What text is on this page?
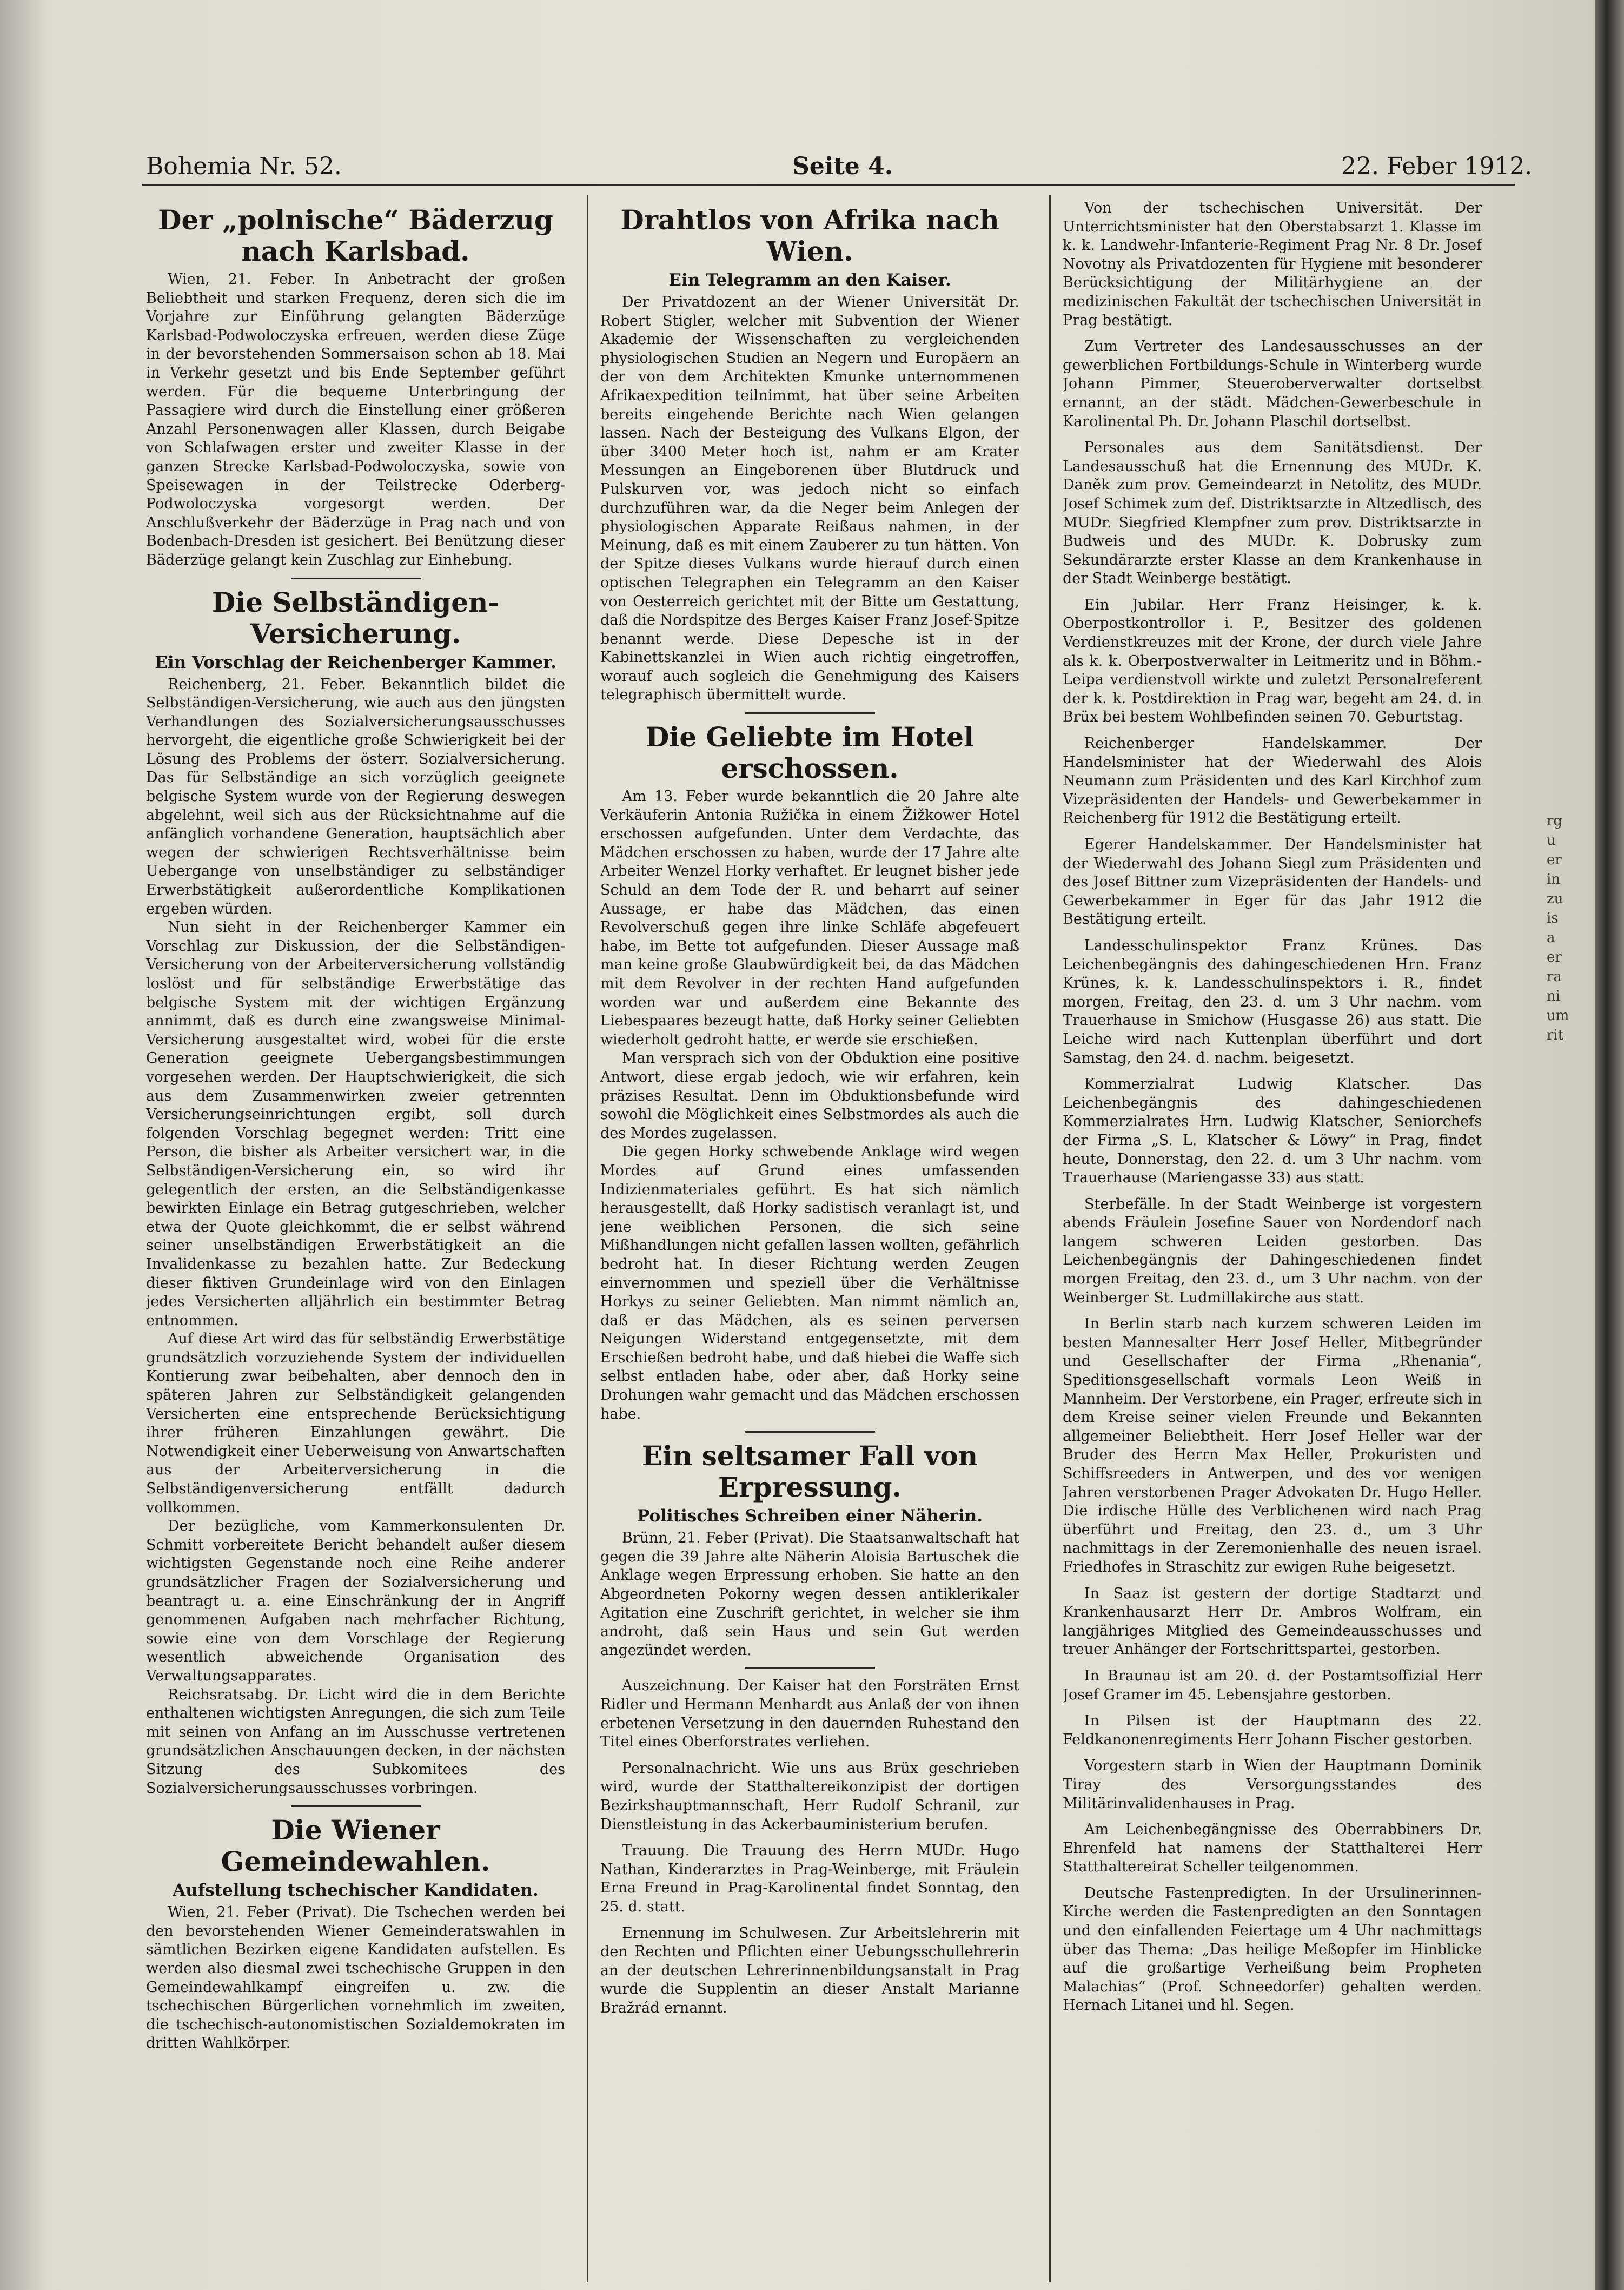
Bohemia Nr. 52.	Seite 4.	22. Feber 1912.
Der „polnische“ Bäderzug nach Karlsbad.

Wien, 21. Feber. In Anbetracht der großen Beliebtheit und starken Frequenz, deren sich die im Vorjahre zur Einführung gelangten Bäderzüge Karlsbad-Podwoloczyska erfreuen, werden diese Züge in der bevorstehenden Sommersaison schon ab 18. Mai in Verkehr gesetzt und bis Ende September geführt werden. Für die bequeme Unterbringung der Passagiere wird durch die Einstellung einer größeren Anzahl Personenwagen aller Klassen, durch Beigabe von Schlafwagen erster und zweiter Klasse in der ganzen Strecke Karlsbad-Podwoloczyska, sowie von Speisewagen in der Teilstrecke Oderberg-Podwoloczyska vorgesorgt werden. Der Anschlußverkehr der Bäderzüge in Prag nach und von Bodenbach-Dresden ist gesichert. Bei Benützung dieser Bäderzüge gelangt kein Zuschlag zur Einhebung.

Die Selbständigen-Versicherung.
Ein Vorschlag der Reichenberger Kammer.

Reichenberg, 21. Feber. Bekanntlich bildet die Selbständigen-Versicherung, wie auch aus den jüngsten Verhandlungen des Sozialversicherungsausschusses hervorgeht, die eigentliche große Schwierigkeit bei der Lösung des Problems der österr. Sozialversicherung. Das für Selbständige an sich vorzüglich geeignete belgische System wurde von der Regierung deswegen abgelehnt, weil sich aus der Rücksichtnahme auf die anfänglich vorhandene Generation, hauptsächlich aber wegen der schwierigen Rechtsverhältnisse beim Uebergange von unselbständiger zu selbständiger Erwerbstätigkeit außerordentliche Komplikationen ergeben würden.

Nun sieht in der Reichenberger Kammer ein Vorschlag zur Diskussion, der die Selbständigen-Versicherung von der Arbeiterversicherung vollständig loslöst und für selbständige Erwerbstätige das belgische System mit der wichtigen Ergänzung annimmt, daß es durch eine zwangsweise Minimal-Versicherung ausgestaltet wird, wobei für die erste Generation geeignete Uebergangsbestimmungen vorgesehen werden. Der Hauptschwierigkeit, die sich aus dem Zusammenwirken zweier getrennten Versicherungseinrichtungen ergibt, soll durch folgenden Vorschlag begegnet werden: Tritt eine Person, die bisher als Arbeiter versichert war, in die Selbständigen-Versicherung ein, so wird ihr gelegentlich der ersten, an die Selbständigenkasse bewirkten Einlage ein Betrag gutgeschrieben, welcher etwa der Quote gleichkommt, die er selbst während seiner unselbständigen Erwerbstätigkeit an die Invalidenkasse zu bezahlen hatte. Zur Bedeckung dieser fiktiven Grundeinlage wird von den Einlagen jedes Versicherten alljährlich ein bestimmter Betrag entnommen.

Auf diese Art wird das für selbständig Erwerbstätige grundsätzlich vorzuziehende System der individuellen Kontierung zwar beibehalten, aber dennoch den in späteren Jahren zur Selbständigkeit gelangenden Versicherten eine entsprechende Berücksichtigung ihrer früheren Einzahlungen gewährt. Die Notwendigkeit einer Ueberweisung von Anwartschaften aus der Arbeiterversicherung in die Selbständigenversicherung entfällt dadurch vollkommen.

Der bezügliche, vom Kammerkonsulenten Dr. Schmitt vorbereitete Bericht behandelt außer diesem wichtigsten Gegenstande noch eine Reihe anderer grundsätzlicher Fragen der Sozialversicherung und beantragt u. a. eine Einschränkung der in Angriff genommenen Aufgaben nach mehrfacher Richtung, sowie eine von dem Vorschlage der Regierung wesentlich abweichende Organisation des Verwaltungsapparates.

Reichsratsabg. Dr. Licht wird die in dem Berichte enthaltenen wichtigsten Anregungen, die sich zum Teile mit seinen von Anfang an im Ausschusse vertretenen grundsätzlichen Anschauungen decken, in der nächsten Sitzung des Subkomitees des Sozialversicherungsausschusses vorbringen.

Die Wiener Gemeindewahlen.
Aufstellung tschechischer Kandidaten.

Wien, 21. Feber (Privat). Die Tschechen werden bei den bevorstehenden Wiener Gemeinderatswahlen in sämtlichen Bezirken eigene Kandidaten aufstellen. Es werden also diesmal zwei tschechische Gruppen in den Gemeindewahlkampf eingreifen u. zw. die tschechischen Bürgerlichen vornehmlich im zweiten, die tschechisch-autonomistischen Sozialdemokraten im dritten Wahlkörper.

Drahtlos von Afrika nach Wien.
Ein Telegramm an den Kaiser.

Der Privatdozent an der Wiener Universität Dr. Robert Stigler, welcher mit Subvention der Wiener Akademie der Wissenschaften zu vergleichenden physiologischen Studien an Negern und Europäern an der von dem Architekten Kmunke unternommenen Afrikaexpedition teilnimmt, hat über seine Arbeiten bereits eingehende Berichte nach Wien gelangen lassen. Nach der Besteigung des Vulkans Elgon, der über 3400 Meter hoch ist, nahm er am Krater Messungen an Eingeborenen über Blutdruck und Pulskurven vor, was jedoch nicht so einfach durchzuführen war, da die Neger beim Anlegen der physiologischen Apparate Reißaus nahmen, in der Meinung, daß es mit einem Zauberer zu tun hätten. Von der Spitze dieses Vulkans wurde hierauf durch einen optischen Telegraphen ein Telegramm an den Kaiser von Oesterreich gerichtet mit der Bitte um Gestattung, daß die Nordspitze des Berges Kaiser Franz Josef-Spitze benannt werde. Diese Depesche ist in der Kabinettskanzlei in Wien auch richtig eingetroffen, worauf auch sogleich die Genehmigung des Kaisers telegraphisch übermittelt wurde.

Die Geliebte im Hotel erschossen.

Am 13. Feber wurde bekanntlich die 20 Jahre alte Verkäuferin Antonia Ružička in einem Žižkower Hotel erschossen aufgefunden. Unter dem Verdachte, das Mädchen erschossen zu haben, wurde der 17 Jahre alte Arbeiter Wenzel Horky verhaftet. Er leugnet bisher jede Schuld an dem Tode der R. und beharrt auf seiner Aussage, er habe das Mädchen, das einen Revolverschuß gegen ihre linke Schläfe abgefeuert habe, im Bette tot aufgefunden. Dieser Aussage maß man keine große Glaubwürdigkeit bei, da das Mädchen mit dem Revolver in der rechten Hand aufgefunden worden war und außerdem eine Bekannte des Liebespaares bezeugt hatte, daß Horky seiner Geliebten wiederholt gedroht hatte, er werde sie erschießen.

Man versprach sich von der Obduktion eine positive Antwort, diese ergab jedoch, wie wir erfahren, kein präzises Resultat. Denn im Obduktionsbefunde wird sowohl die Möglichkeit eines Selbstmordes als auch die des Mordes zugelassen.

Die gegen Horky schwebende Anklage wird wegen Mordes auf Grund eines umfassenden Indizienmateriales geführt. Es hat sich nämlich herausgestellt, daß Horky sadistisch veranlagt ist, und jene weiblichen Personen, die sich seine Mißhandlungen nicht gefallen lassen wollten, gefährlich bedroht hat. In dieser Richtung werden Zeugen einvernommen und speziell über die Verhältnisse Horkys zu seiner Geliebten. Man nimmt nämlich an, daß er das Mädchen, als es seinen perversen Neigungen Widerstand entgegensetzte, mit dem Erschießen bedroht habe, und daß hiebei die Waffe sich selbst entladen habe, oder aber, daß Horky seine Drohungen wahr gemacht und das Mädchen erschossen habe.

Ein seltsamer Fall von Erpressung.
Politisches Schreiben einer Näherin.

Brünn, 21. Feber (Privat). Die Staatsanwaltschaft hat gegen die 39 Jahre alte Näherin Aloisia Bartuschek die Anklage wegen Erpressung erhoben. Sie hatte an den Abgeordneten Pokorny wegen dessen antiklerikaler Agitation eine Zuschrift gerichtet, in welcher sie ihm androht, daß sein Haus und sein Gut werden angezündet werden.

Auszeichnung. Der Kaiser hat den Forsträten Ernst Ridler und Hermann Menhardt aus Anlaß der von ihnen erbetenen Versetzung in den dauernden Ruhestand den Titel eines Oberforstrates verliehen.

Personalnachricht. Wie uns aus Brüx geschrieben wird, wurde der Statthaltereikonzipist der dortigen Bezirkshauptmannschaft, Herr Rudolf Schranil, zur Dienstleistung in das Ackerbauministerium berufen.

Trauung. Die Trauung des Herrn MUDr. Hugo Nathan, Kinderarztes in Prag-Weinberge, mit Fräulein Erna Freund in Prag-Karolinental findet Sonntag, den 25. d. statt.

Ernennung im Schulwesen. Zur Arbeitslehrerin mit den Rechten und Pflichten einer Uebungsschullehrerin an der deutschen Lehrerinnenbildungsanstalt in Prag wurde die Supplentin an dieser Anstalt Marianne Bražrád ernannt.

Von der tschechischen Universität. Der Unterrichtsminister hat den Oberstabsarzt 1. Klasse im k. k. Landwehr-Infanterie-Regiment Prag Nr. 8 Dr. Josef Novotny als Privatdozenten für Hygiene mit besonderer Berücksichtigung der Militärhygiene an der medizinischen Fakultät der tschechischen Universität in Prag bestätigt.

Zum Vertreter des Landesausschusses an der gewerblichen Fortbildungs-Schule in Winterberg wurde Johann Pimmer, Steueroberverwalter dortselbst ernannt, an der städt. Mädchen-Gewerbeschule in Karolinental Ph. Dr. Johann Plaschil dortselbst.

Personales aus dem Sanitätsdienst. Der Landesausschuß hat die Ernennung des MUDr. K. Daněk zum prov. Gemeindearzt in Netolitz, des MUDr. Josef Schimek zum def. Distriktsarzte in Altzedlisch, des MUDr. Siegfried Klempfner zum prov. Distriktsarzte in Budweis und des MUDr. K. Dobrusky zum Sekundärarzte erster Klasse an dem Krankenhause in der Stadt Weinberge bestätigt.

Ein Jubilar. Herr Franz Heisinger, k. k. Oberpostkontrollor i. P., Besitzer des goldenen Verdienstkreuzes mit der Krone, der durch viele Jahre als k. k. Oberpostverwalter in Leitmeritz und in Böhm.-Leipa verdienstvoll wirkte und zuletzt Personalreferent der k. k. Postdirektion in Prag war, begeht am 24. d. in Brüx bei bestem Wohlbefinden seinen 70. Geburtstag.

Reichenberger Handelskammer. Der Handelsminister hat der Wiederwahl des Alois Neumann zum Präsidenten und des Karl Kirchhof zum Vizepräsidenten der Handels- und Gewerbekammer in Reichenberg für 1912 die Bestätigung erteilt.

Egerer Handelskammer. Der Handelsminister hat der Wiederwahl des Johann Siegl zum Präsidenten und des Josef Bittner zum Vizepräsidenten der Handels- und Gewerbekammer in Eger für das Jahr 1912 die Bestätigung erteilt.

Landesschulinspektor Franz Krünes. Das Leichenbegängnis des dahingeschiedenen Hrn. Franz Krünes, k. k. Landesschulinspektors i. R., findet morgen, Freitag, den 23. d. um 3 Uhr nachm. vom Trauerhause in Smichow (Husgasse 26) aus statt. Die Leiche wird nach Kuttenplan überführt und dort Samstag, den 24. d. nachm. beigesetzt.

Kommerzialrat Ludwig Klatscher. Das Leichenbegängnis des dahingeschiedenen Kommerzialrates Hrn. Ludwig Klatscher, Seniorchefs der Firma „S. L. Klatscher & Löwy“ in Prag, findet heute, Donnerstag, den 22. d. um 3 Uhr nachm. vom Trauerhause (Mariengasse 33) aus statt.

Sterbefälle. In der Stadt Weinberge ist vorgestern abends Fräulein Josefine Sauer von Nordendorf nach langem schweren Leiden gestorben. Das Leichenbegängnis der Dahingeschiedenen findet morgen Freitag, den 23. d., um 3 Uhr nachm. von der Weinberger St. Ludmillakirche aus statt.

In Berlin starb nach kurzem schweren Leiden im besten Mannesalter Herr Josef Heller, Mitbegründer und Gesellschafter der Firma „Rhenania“, Speditionsgesellschaft vormals Leon Weiß in Mannheim. Der Verstorbene, ein Prager, erfreute sich in dem Kreise seiner vielen Freunde und Bekannten allgemeiner Beliebtheit. Herr Josef Heller war der Bruder des Herrn Max Heller, Prokuristen und Schiffsreeders in Antwerpen, und des vor wenigen Jahren verstorbenen Prager Advokaten Dr. Hugo Heller. Die irdische Hülle des Verblichenen wird nach Prag überführt und Freitag, den 23. d., um 3 Uhr nachmittags in der Zeremonienhalle des neuen israel. Friedhofes in Straschitz zur ewigen Ruhe beigesetzt.

In Saaz ist gestern der dortige Stadtarzt und Krankenhausarzt Herr Dr. Ambros Wolfram, ein langjähriges Mitglied des Gemeindeausschusses und treuer Anhänger der Fortschrittspartei, gestorben.

In Braunau ist am 20. d. der Postamtsoffizial Herr Josef Gramer im 45. Lebensjahre gestorben.

In Pilsen ist der Hauptmann des 22. Feldkanonenregiments Herr Johann Fischer gestorben.

Vorgestern starb in Wien der Hauptmann Dominik Tiray des Versorgungsstandes des Militärinvalidenhauses in Prag.

Am Leichenbegängnisse des Oberrabbiners Dr. Ehrenfeld hat namens der Statthalterei Herr Statthaltereirat Scheller teilgenommen.

Deutsche Fastenpredigten. In der Ursulinerinnen-Kirche werden die Fastenpredigten an den Sonntagen und den einfallenden Feiertage um 4 Uhr nachmittags über das Thema: „Das heilige Meßopfer im Hinblicke auf die großartige Verheißung beim Propheten Malachias“ (Prof. Schneedorfer) gehalten werden. Hernach Litanei und hl. Segen.

rg
u
er
in
zu
is
a
er
ra
ni
um
rit
